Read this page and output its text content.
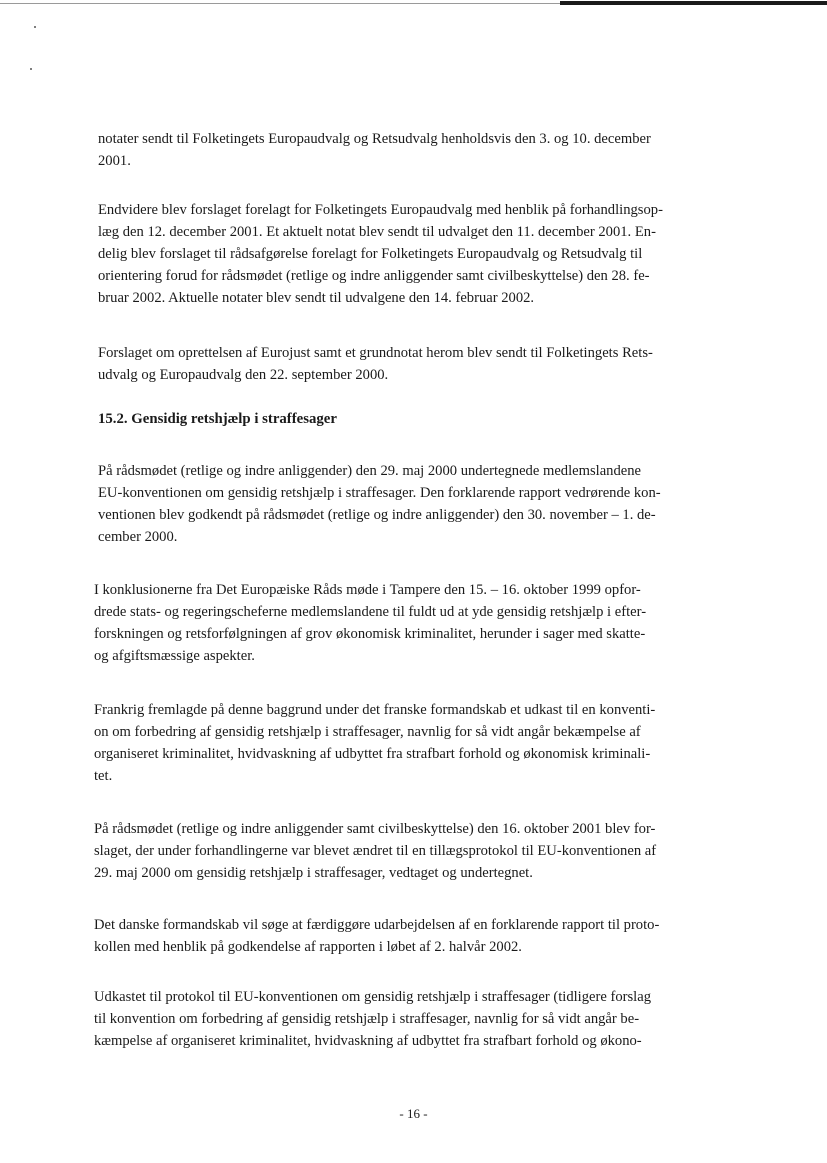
notater sendt til Folketingets Europaudvalg og Retsudvalg henholdsvis den 3. og 10. december
2001.
Endvidere blev forslaget forelagt for Folketingets Europaudvalg med henblik på forhandlingsop-
læg den 12. december 2001. Et aktuelt notat blev sendt til udvalget den 11. december 2001. En-
delig blev forslaget til rådsafgørelse forelagt for Folketingets Europaudvalg og Retsudvalg til
orientering forud for rådsmødet (retlige og indre anliggender samt civilbeskyttelse) den 28. fe-
bruar 2002. Aktuelle notater blev sendt til udvalgene den 14. februar 2002.
Forslaget om oprettelsen af Eurojust samt et grundnotat herom blev sendt til Folketingets Rets-
udvalg og Europaudvalg den 22. september 2000.
15.2. Gensidig retshjælp i straffesager
På rådsmødet (retlige og indre anliggender) den 29. maj 2000 undertegnede medlemslandene
EU-konventionen om gensidig retshjælp i straffesager. Den forklarende rapport vedrørende kon-
ventionen blev godkendt på rådsmødet (retlige og indre anliggender) den 30. november – 1. de-
cember 2000.
I konklusionerne fra Det Europæiske Råds møde i Tampere den 15. – 16. oktober 1999 opfor-
drede stats- og regeringscheferne medlemslandene til fuldt ud at yde gensidig retshjælp i efter-
forskningen og retsforfølgningen af grov økonomisk kriminalitet, herunder i sager med skatte-
og afgiftsmæssige aspekter.
Frankrig fremlagde på denne baggrund under det franske formandskab et udkast til en konventi-
on om forbedring af gensidig retshjælp i straffesager, navnlig for så vidt angår bekæmpelse af
organiseret kriminalitet, hvidvaskning af udbyttet fra strafbart forhold og økonomisk kriminali-
tet.
På rådsmødet (retlige og indre anliggender samt civilbeskyttelse) den 16. oktober 2001 blev for-
slaget, der under forhandlingerne var blevet ændret til en tillægsprotokol til EU-konventionen af
29. maj 2000 om gensidig retshjælp i straffesager, vedtaget og undertegnet.
Det danske formandskab vil søge at færdiggøre udarbejdelsen af en forklarende rapport til proto-
kollen med henblik på godkendelse af rapporten i løbet af 2. halvår 2002.
Udkastet til protokol til EU-konventionen om gensidig retshjælp i straffesager (tidligere forslag
til konvention om forbedring af gensidig retshjælp i straffesager, navnlig for så vidt angår be-
kæmpelse af organiseret kriminalitet, hvidvaskning af udbyttet fra strafbart forhold og økono-
- 16 -
